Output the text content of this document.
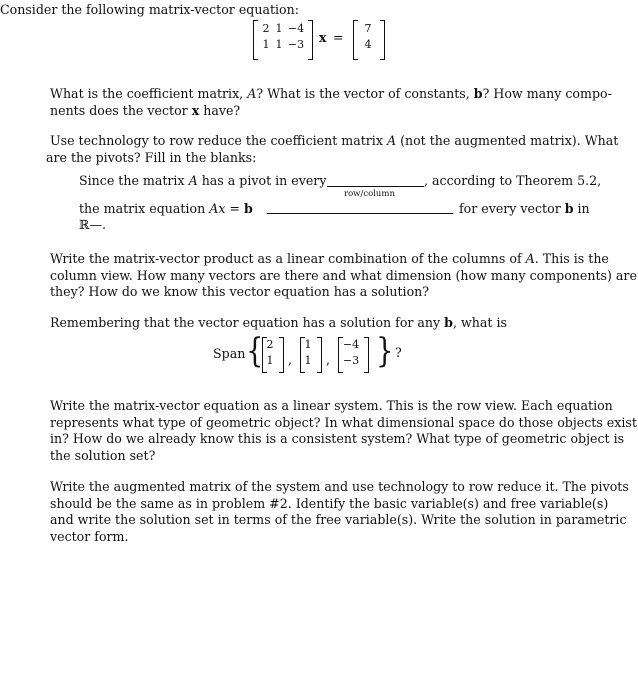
Consider the following matrix-vector equation:
2 1 −4
1 1 −3 x =
7
4
What is the coefficient matrix, A? What is the vector of constants, b? How many compo-
nents does the vector x have?
Use technology to row reduce the coefficient matrix A (not the augmented matrix). What
are the pivots? Fill in the blanks:
Since the matrix A has a pivot in every
row/column
, according to Theorem 5.2,
the matrix equation Ax = b	for every vector b in
ℝ—.
Write the matrix-vector product as a linear combination of the columns of A. This is the
column view. How many vectors are there and what dimension (how many components) are
they? How do we know this vector equation has a solution?
Remembering that the vector equation has a solution for any b, what is
Span { 2
1	,
1
1	,
−4
−3 } ?
Write the matrix-vector equation as a linear system. This is the row view. Each equation
represents what type of geometric object? In what dimensional space do those objects exist
in? How do we already know this is a consistent system? What type of geometric object is
the solution set?
Write the augmented matrix of the system and use technology to row reduce it. The pivots
should be the same as in problem #2. Identify the basic variable(s) and free variable(s)
and write the solution set in terms of the free variable(s). Write the solution in parametric
vector form.
